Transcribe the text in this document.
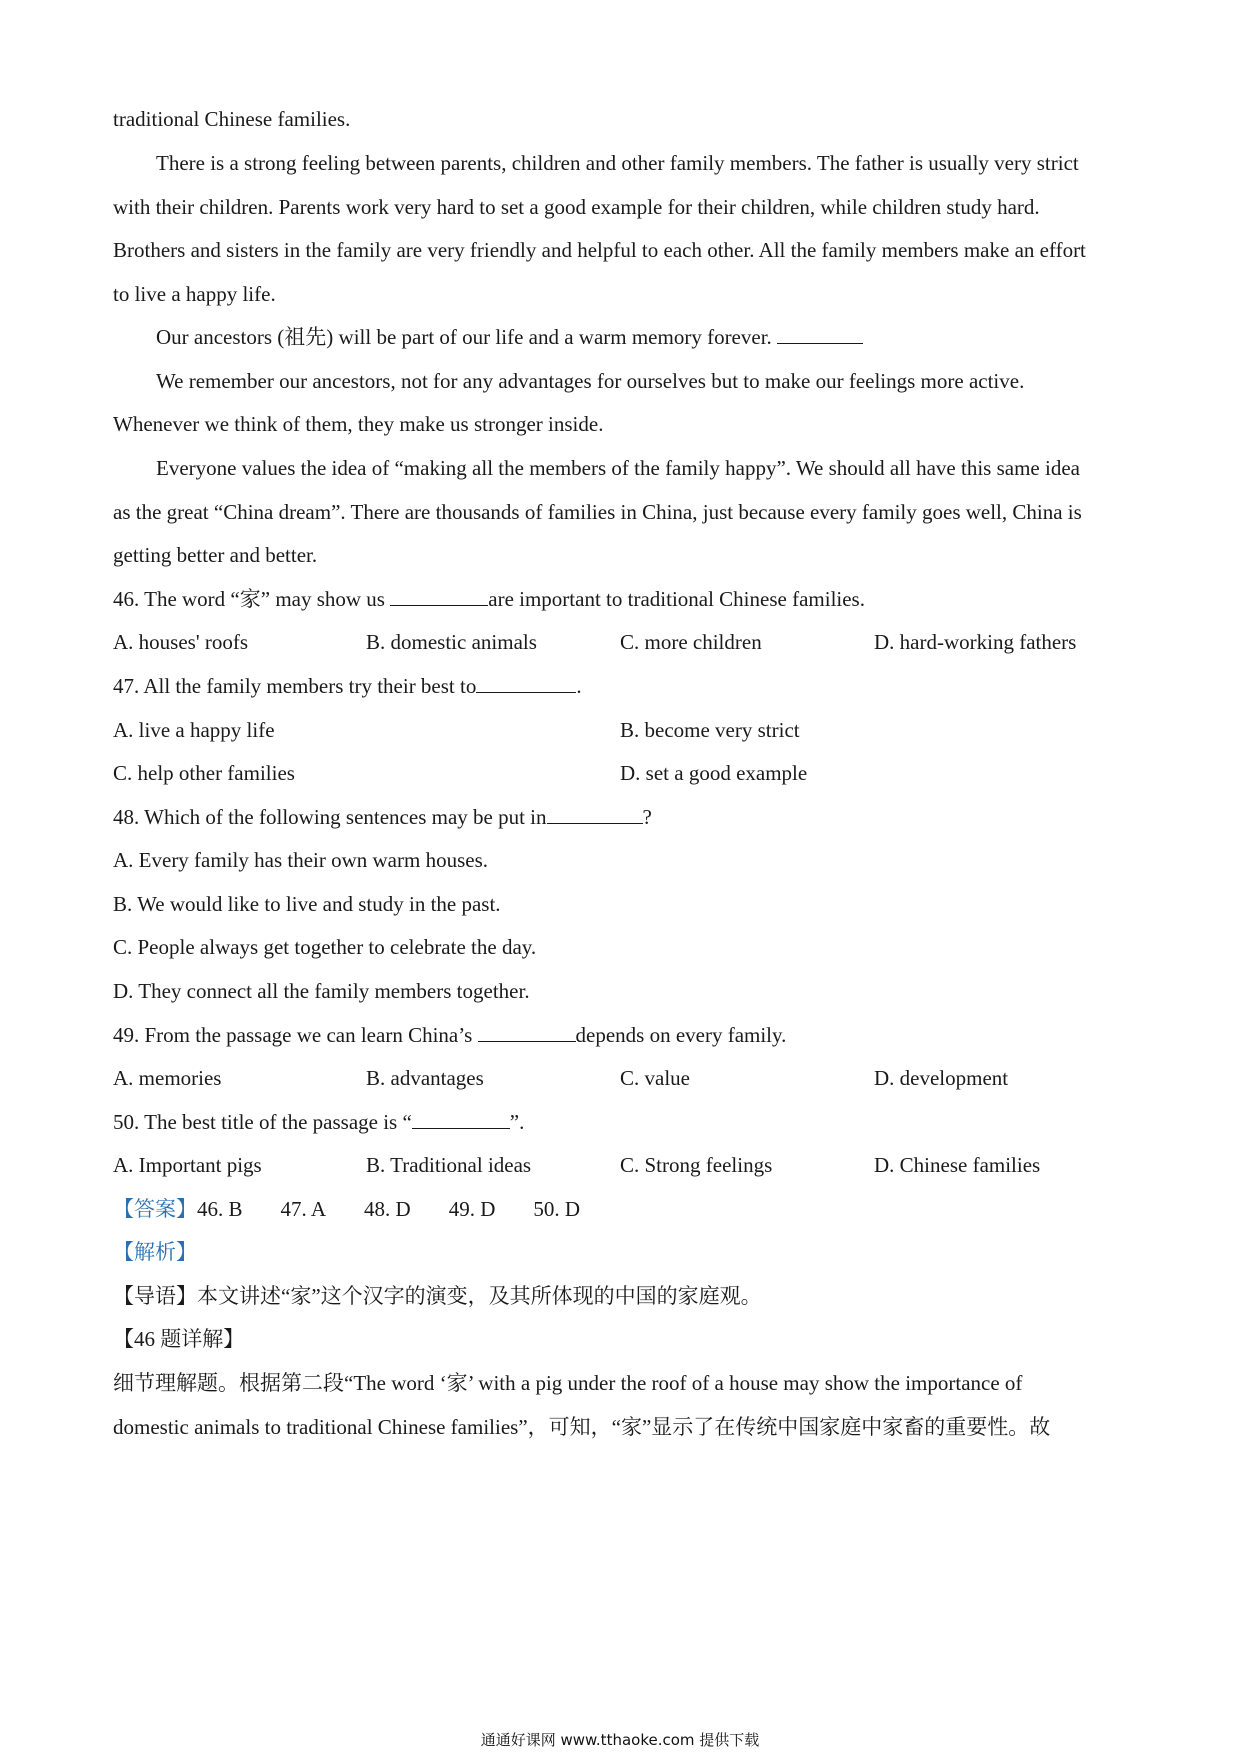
traditional Chinese families.
There is a strong feeling between parents, children and other family members. The father is usually very strict
with their children. Parents work very hard to set a good example for their children, while children study hard.
Brothers and sisters in the family are very friendly and helpful to each other. All the family members make an effort
to live a happy life.
Our ancestors (祖先) will be part of our life and a warm memory forever.
We remember our ancestors, not for any advantages for ourselves but to make our feelings more active.
Whenever we think of them, they make us stronger inside.
Everyone values the idea of “making all the members of the family happy”. We should all have this same idea
as the great “China dream”. There are thousands of families in China, just because every family goes well, China is
getting better and better.
46. The word “家” may show us	are important to traditional Chinese families.
A. houses' roofs	B. domestic animals	C. more children	D. hard-working fathers
47. All the family members try their best to	.
A. live a happy life	B. become very strict
C. help other families	D. set a good example
48. Which of the following sentences may be put in	?
A. Every family has their own warm houses.
B. We would like to live and study in the past.
C. People always get together to celebrate the day.
D. They connect all the family members together.
49. From the passage we can learn China’s	depends on every family.
A. memories	B. advantages	C. value	D. development
50. The best title of the passage is “	”.
A. Important pigs	B. Traditional ideas	C. Strong feelings	D. Chinese families
【答案】46. B 47. A 48. D 49. D 50. D
【解析】
【导语】本文讲述“家”这个汉字的演变，及其所体现的中国的家庭观。
【46 题详解】
细节理解题。根据第二段“The word ‘家’ with a pig under the roof of a house may show the importance of
domestic animals to traditional Chinese families”，可知，“家”显示了在传统中国家庭中家畜的重要性。故
通通好课网 www.tthaoke.com 提供下载
